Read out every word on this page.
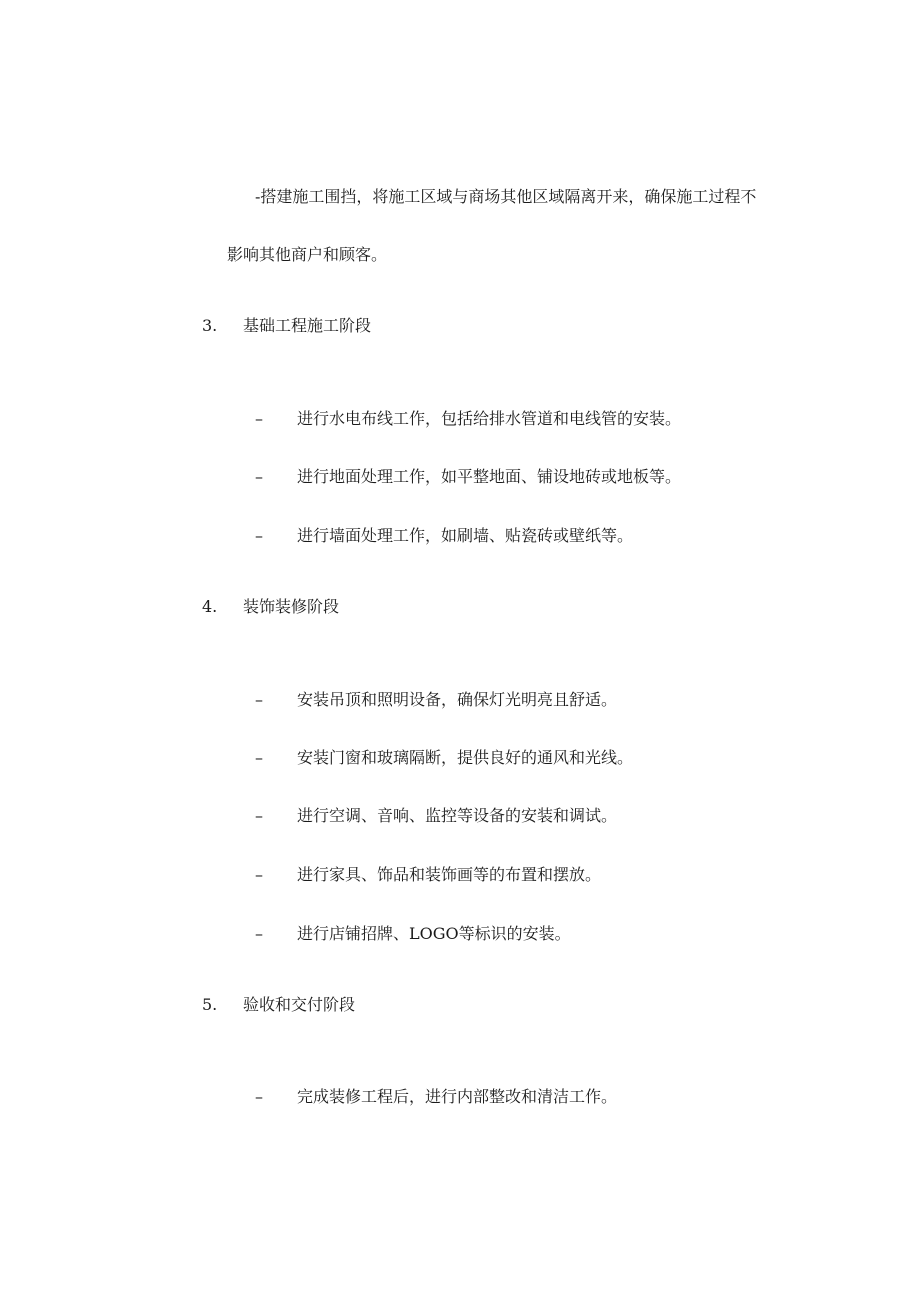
-搭建施工围挡，将施工区域与商场其他区域隔离开来，确保施工过程不
影响其他商户和顾客。
3. 基础工程施工阶段
– 进行水电布线工作，包括给排水管道和电线管的安装。
– 进行地面处理工作，如平整地面、铺设地砖或地板等。
– 进行墙面处理工作，如刷墙、贴瓷砖或壁纸等。
4. 装饰装修阶段
– 安装吊顶和照明设备，确保灯光明亮且舒适。
– 安装门窗和玻璃隔断，提供良好的通风和光线。
– 进行空调、音响、监控等设备的安装和调试。
– 进行家具、饰品和装饰画等的布置和摆放。
– 进行店铺招牌、LOGO等标识的安装。
5. 验收和交付阶段
– 完成装修工程后，进行内部整改和清洁工作。
